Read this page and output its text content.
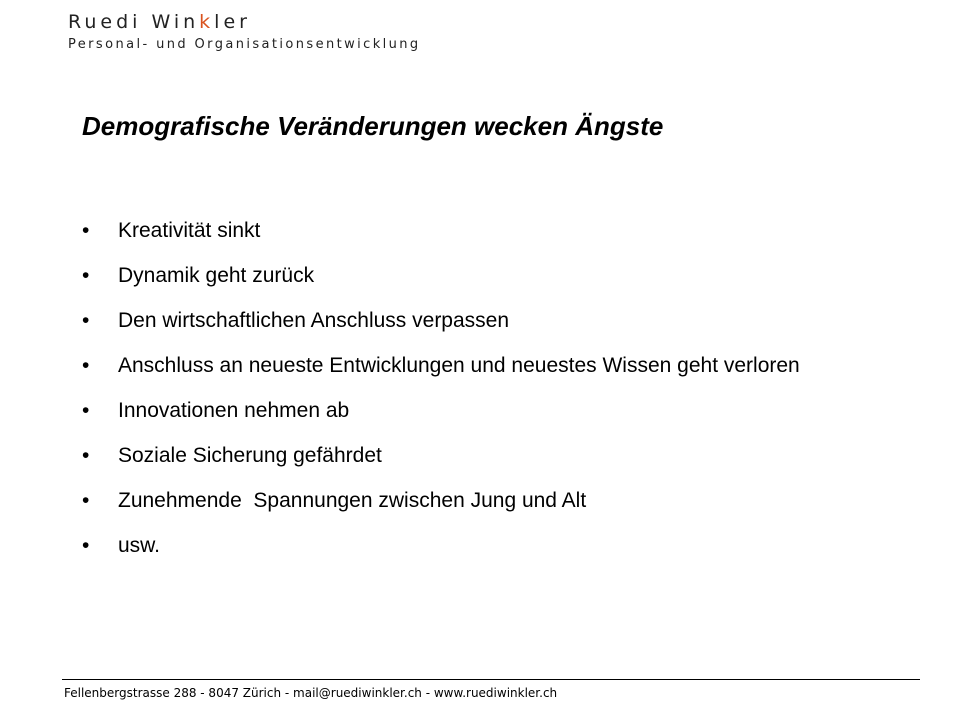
Ruedi Winkler
Personal- und Organisationsentwicklung
Demografische Veränderungen wecken Ängste
•	Kreativität sinkt
•	Dynamik geht zurück
•	Den wirtschaftlichen Anschluss verpassen
•	Anschluss an neueste Entwicklungen und neuestes Wissen geht verloren
•	Innovationen nehmen ab
•	Soziale Sicherung gefährdet
•	Zunehmende  Spannungen zwischen Jung und Alt
•	usw.
Fellenbergstrasse 288 - 8047 Zürich - mail@ruediwinkler.ch - www.ruediwinkler.ch
